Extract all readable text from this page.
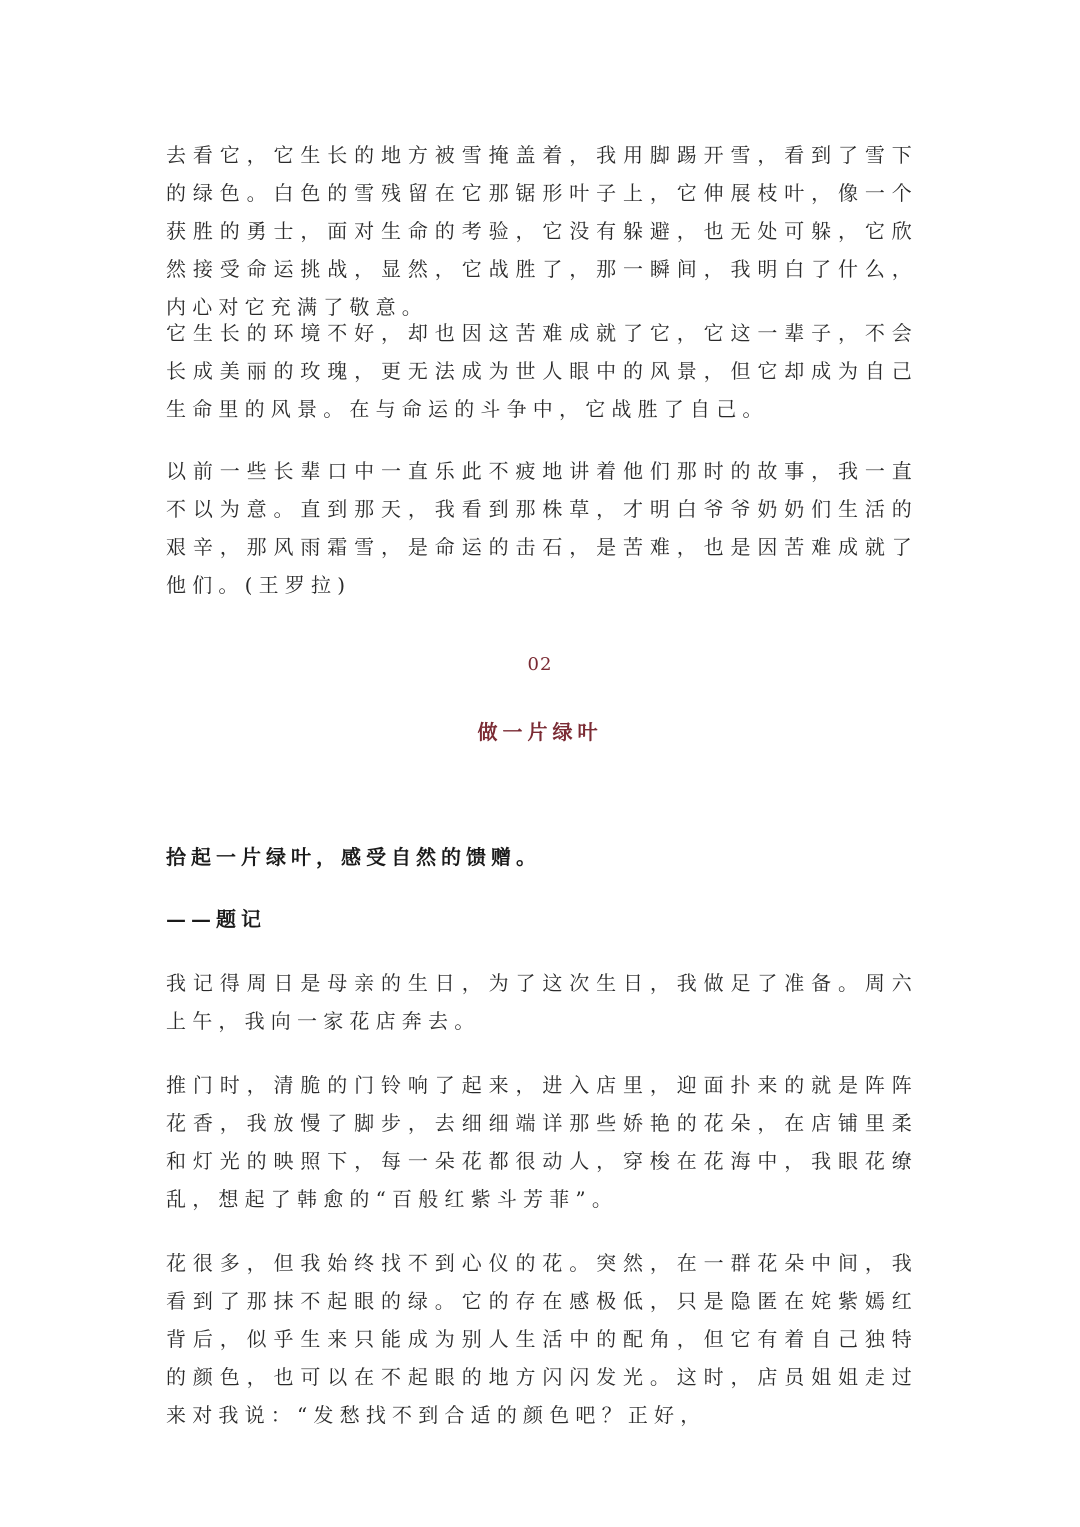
去看它，它生长的地方被雪掩盖着，我用脚踢开雪，看到了雪下的绿色。白色的雪残留在它那锯形叶子上，它伸展枝叶，像一个获胜的勇士，面对生命的考验，它没有躲避，也无处可躲，它欣然接受命运挑战，显然，它战胜了，那一瞬间，我明白了什么，内心对它充满了敬意。

它生长的环境不好，却也因这苦难成就了它，它这一辈子，不会长成美丽的玫瑰，更无法成为世人眼中的风景，但它却成为自己生命里的风景。在与命运的斗争中，它战胜了自己。

以前一些长辈口中一直乐此不疲地讲着他们那时的故事，我一直不以为意。直到那天，我看到那株草，才明白爷爷奶奶们生活的艰辛，那风雨霜雪，是命运的击石，是苦难，也是因苦难成就了他们。(王罗拉)

02

做一片绿叶

拾起一片绿叶，感受自然的馈赠。

——题记

我记得周日是母亲的生日，为了这次生日，我做足了准备。周六上午，我向一家花店奔去。

推门时，清脆的门铃响了起来，进入店里，迎面扑来的就是阵阵花香，我放慢了脚步，去细细端详那些娇艳的花朵，在店铺里柔和灯光的映照下，每一朵花都很动人，穿梭在花海中，我眼花缭乱，想起了韩愈的“百般红紫斗芳菲”。

花很多，但我始终找不到心仪的花。突然，在一群花朵中间，我看到了那抹不起眼的绿。它的存在感极低，只是隐匿在姹紫嫣红背后，似乎生来只能成为别人生活中的配角，但它有着自己独特的颜色，也可以在不起眼的地方闪闪发光。这时，店员姐姐走过来对我说：“发愁找不到合适的颜色吧？正好，
